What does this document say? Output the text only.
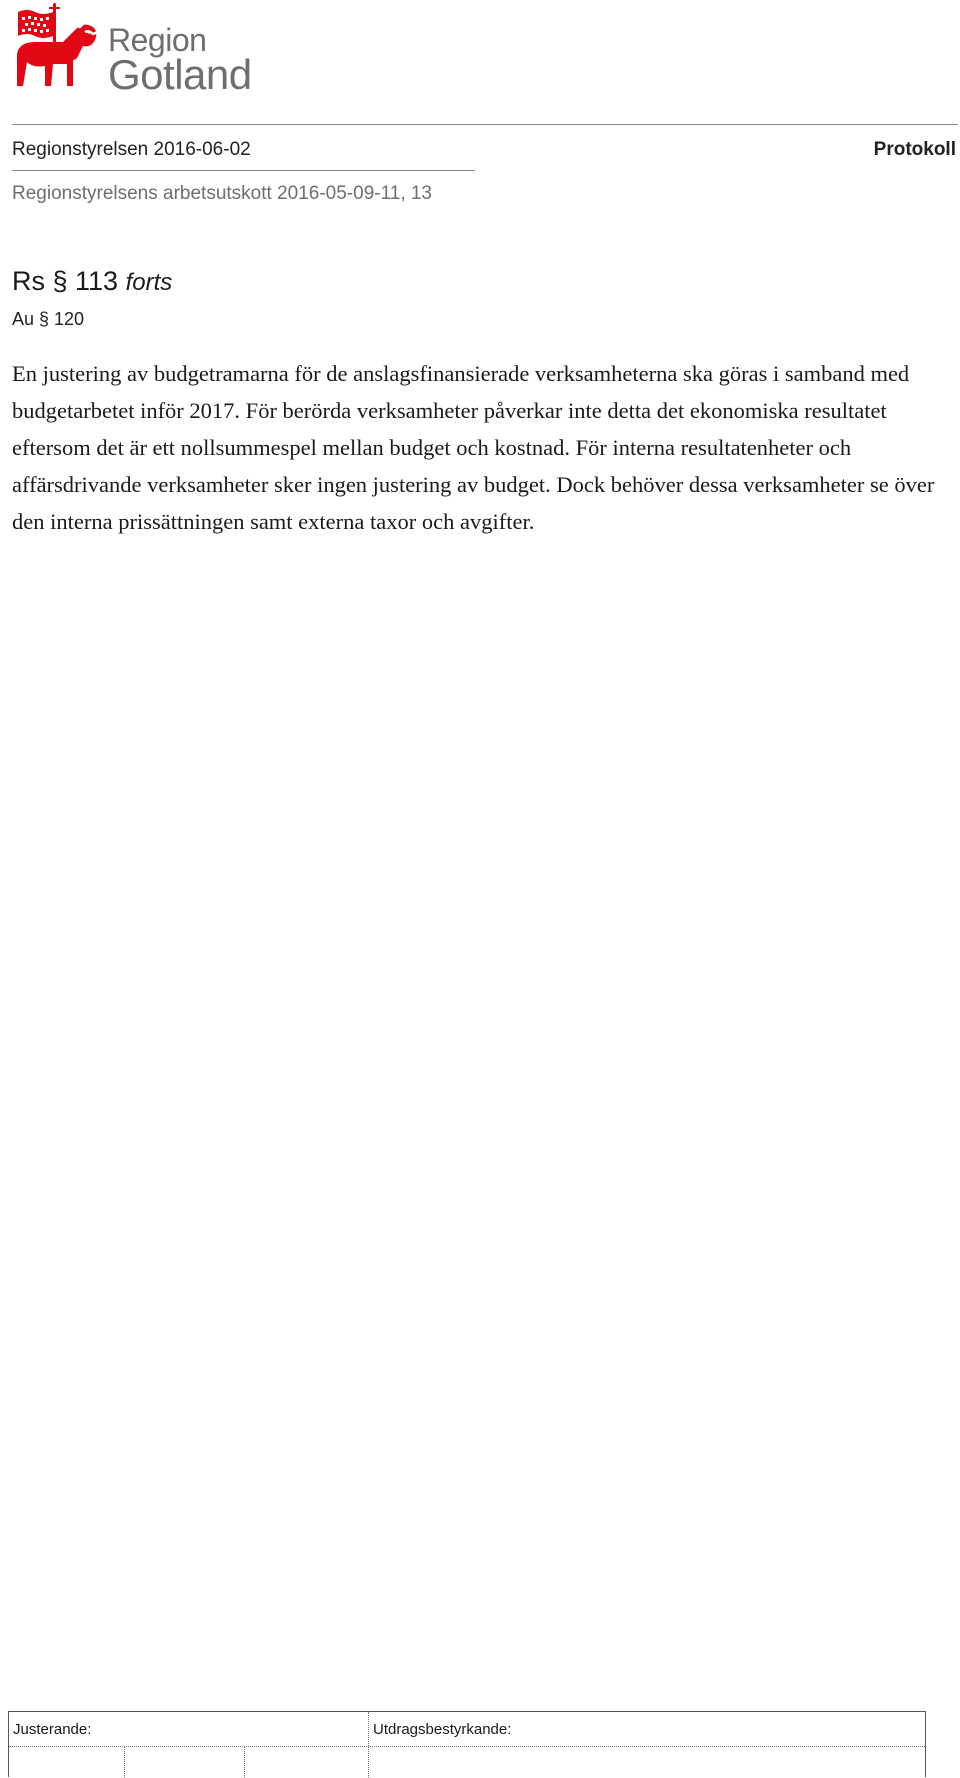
Region
Gotland
Regionstyrelsen 2016-06-02	Protokoll
Regionstyrelsens arbetsutskott 2016-05-09-11, 13
Rs § 113 forts
Au § 120

En justering av budgetramarna för de anslagsfinansierade verksamheterna ska göras i samband med budgetarbetet inför 2017. För berörda verksamheter påverkar inte detta det ekonomiska resultatet eftersom det är ett nollsummespel mellan budget och kostnad. För interna resultatenheter och affärsdrivande verksamheter sker ingen justering av budget. Dock behöver dessa verksamheter se över den interna prissättningen samt externa taxor och avgifter.

Justerande:	Utdragsbestyrkande:
